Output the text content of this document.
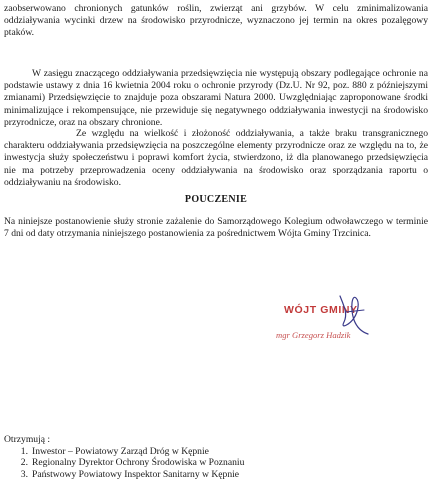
zaobserwowano chronionych gatunków roślin, zwierząt ani grzybów. W celu zminimalizowania oddziaływania wycinki drzew na środowisko przyrodnicze, wyznaczono jej termin na okres pozalęgowy ptaków.

W zasięgu znaczącego oddziaływania przedsięwzięcia nie występują obszary podlegające ochronie na podstawie ustawy z dnia 16 kwietnia 2004 roku o ochronie przyrody (Dz.U. Nr 92, poz. 880 z późniejszymi zmianami) Przedsięwzięcie to znajduje poza obszarami Natura 2000. Uwzględniając zaproponowane środki minimalizujące i rekompensujące, nie przewiduje się negatywnego oddziaływania inwestycji na środowisko przyrodnicze, oraz na obszary chronione.

Ze względu na wielkość i złożoność oddziaływania, a także braku transgranicznego charakteru oddziaływania przedsięwzięcia na poszczególne elementy przyrodnicze oraz ze względu na to, że inwestycja służy społeczeństwu i poprawi komfort życia, stwierdzono, iż dla planowanego przedsięwzięcia nie ma potrzeby przeprowadzenia oceny oddziaływania na środowisko oraz sporządzania raportu o oddziaływaniu na środowisko.

POUCZENIE

Na niniejsze postanowienie służy stronie zażalenie do Samorządowego Kolegium odwoławczego w terminie 7 dni od daty otrzymania niniejszego postanowienia za pośrednictwem Wójta Gminy Trzcinica.

WÓJT GMINY
mgr Grzegorz Hadzik
Otrzymują :
1. Inwestor – Powiatowy Zarząd Dróg w Kępnie
2. Regionalny Dyrektor Ochrony Środowiska w Poznaniu
3. Państwowy Powiatowy Inspektor Sanitarny w Kępnie
